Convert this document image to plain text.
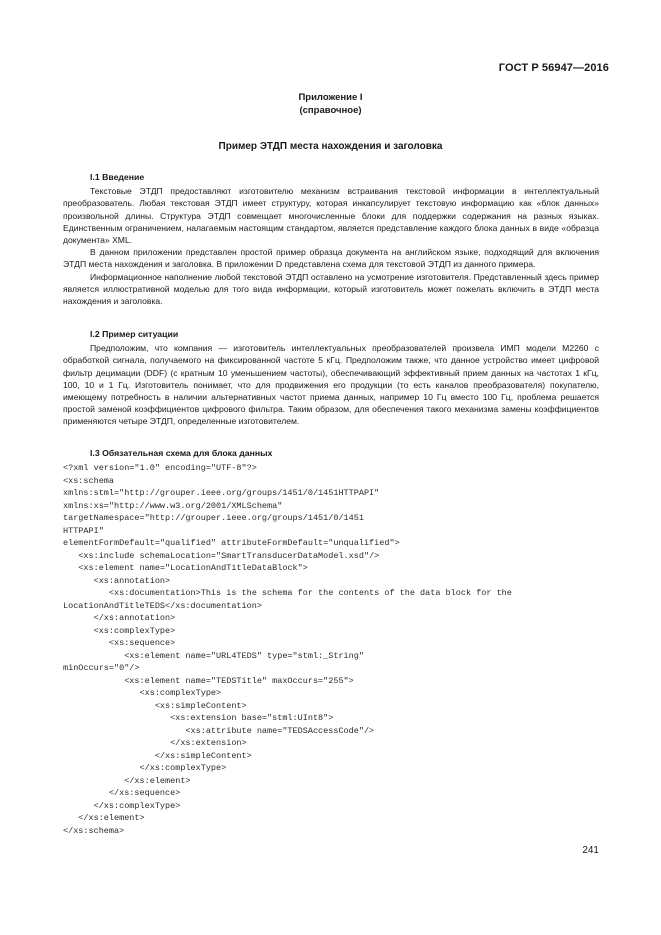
ГОСТ Р 56947—2016
Приложение I
(справочное)
Пример ЭТДП места нахождения и заголовка
I.1 Введение

Текстовые ЭТДП предоставляют изготовителю механизм встраивания текстовой информации в интеллектуальный преобразователь. Любая текстовая ЭТДП имеет структуру, которая инкапсулирует текстовую информацию как «блок данных» произвольной длины. Структура ЭТДП совмещает многочисленные блоки для поддержки содержания на разных языках. Единственным ограничением, налагаемым настоящим стандартом, является представление каждого блока данных в виде «образца документа» XML.

В данном приложении представлен простой пример образца документа на английском языке, подходящий для включения ЭТДП места нахождения и заголовка. В приложении D представлена схема для текстовой ЭТДП из данного примера.

Информационное наполнение любой текстовой ЭТДП оставлено на усмотрение изготовителя. Представленный здесь пример является иллюстративной моделью для того вида информации, который изготовитель может пожелать включить в ЭТДП места нахождения и заголовка.

I.2 Пример ситуации

Предположим, что компания — изготовитель интеллектуальных преобразователей произвела ИМП модели M2260 с обработкой сигнала, получаемого на фиксированной частоте 5 кГц. Предположим также, что данное устройство имеет цифровой фильтр децимации (DDF) (с кратным 10 уменьшением частоты), обеспечивающий эффективный прием данных на частотах 1 кГц, 100, 10 и 1 Гц. Изготовитель понимает, что для продвижения его продукции (то есть каналов преобразователя) покупателю, имеющему потребность в наличии альтернативных частот приема данных, например 10 Гц вместо 100 Гц, проблема решается простой заменой коэффициентов цифрового фильтра. Таким образом, для обеспечения такого механизма замены коэффициентов применяются четыре ЭТДП, определенные изготовителем.

I.3 Обязательная схема для блока данных
<?xml version="1.0" encoding="UTF-8"?>
<xs:schema
xmlns:stml="http://grouper.ieee.org/groups/1451/0/1451HTTPAPI"
xmlns:xs="http://www.w3.org/2001/XMLSchema"
targetNamespace="http://grouper.ieee.org/groups/1451/0/1451
HTTPAPI"
elementFormDefault="qualified" attributeFormDefault="unqualified">
<xs:include schemaLocation="SmartTransducerDataModel.xsd"/>
<xs:element name="LocationAndTitleDataBlock">
<xs:annotation>
<xs:documentation>This is the schema for the contents of the data block for the
LocationAndTitleTEDS</xs:documentation>
</xs:annotation>
<xs:complexType>
<xs:sequence>
<xs:element name="URL4TEDS" type="stml:_String"
minOccurs="0"/>
<xs:element name="TEDSTitle" maxOccurs="255">
<xs:complexType>
<xs:simpleContent>
<xs:extension base="stml:UInt8">
<xs:attribute name="TEDSAccessCode"/>
</xs:extension>
</xs:simpleContent>
</xs:complexType>
</xs:element>
</xs:sequence>
</xs:complexType>
</xs:element>
</xs:schema>

241
